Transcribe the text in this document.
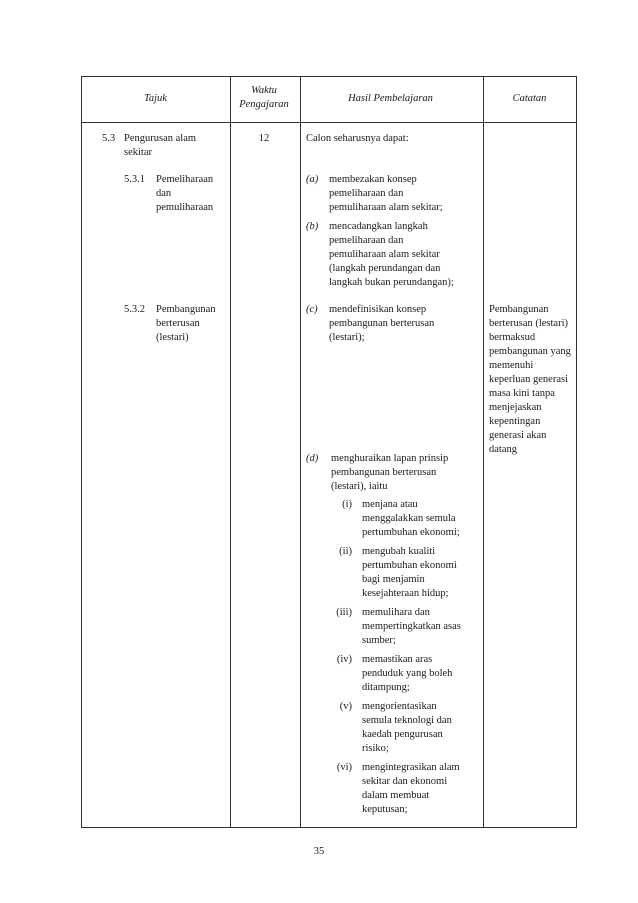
Tajuk
Waktu
Pengajaran
Hasil Pembelajaran	Catatan
5.3 Pengurusan alam
sekitar
12	Calon seharusnya dapat:
5.3.1 Pemeliharaan
dan
pemuliharaan
5.3.2 Pembangunan
berterusan
(lestari)
(a) membezakan konsep
pemeliharaan dan
pemuliharaan alam sekitar;
(b) mencadangkan langkah
pemeliharaan dan
pemuliharaan alam sekitar
(langkah perundangan dan
langkah bukan perundangan);
(c) mendefinisikan konsep
pembangunan berterusan
(lestari);
(d) menghuraikan lapan prinsip
pembangunan berterusan
(lestari), iaitu
(i) menjana atau
menggalakkan semula
pertumbuhan ekonomi;
(ii) mengubah kualiti
pertumbuhan ekonomi
bagi menjamin
kesejahteraan hidup;
(iii) memulihara dan
mempertingkatkan asas
sumber;
(iv) memastikan aras
penduduk yang boleh
ditampung;
(v) mengorientasikan
semula teknologi dan
kaedah pengurusan
risiko;
(vi) mengintegrasikan alam
sekitar dan ekonomi
dalam membuat
keputusan;
Pembangunan
berterusan (lestari)
bermaksud
pembangunan yang
memenuhi
keperluan generasi
masa kini tanpa
menjejaskan
kepentingan
generasi akan
datang
35
